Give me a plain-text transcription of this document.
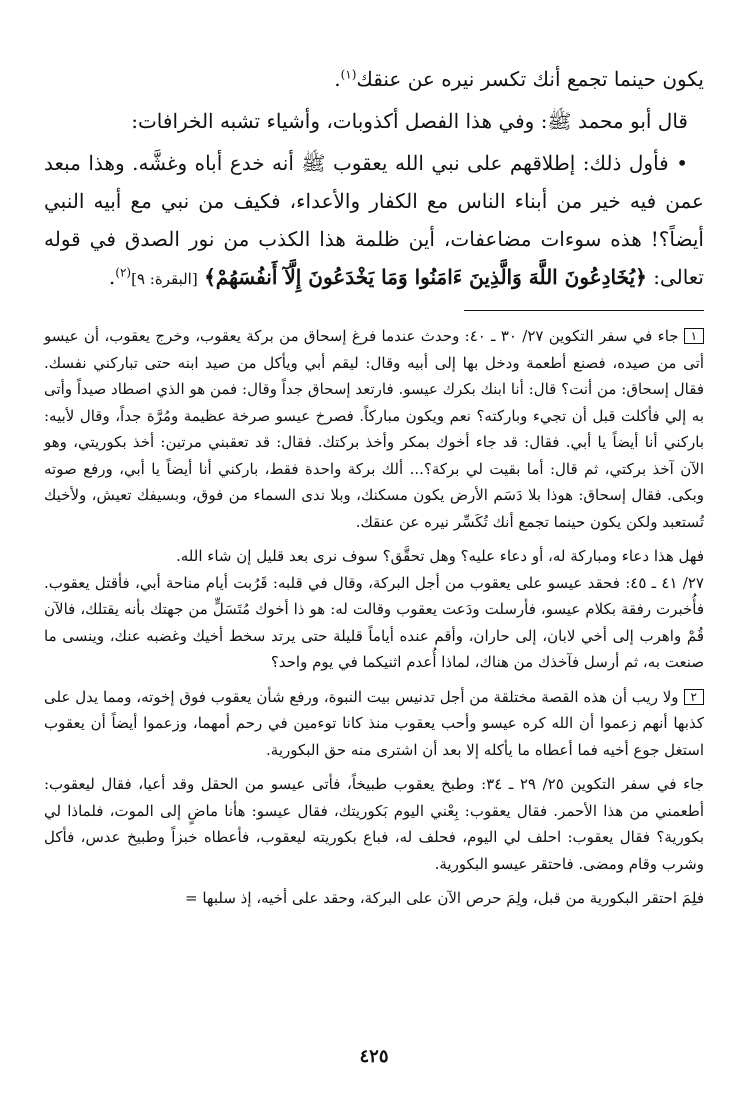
يكون حينما تجمع أنك تكسر نيره عن عنقك$^{(١)}$.

قال أبو محمد ﷺ: وفي هذا الفصل أكذوبات، وأشياء تشبه الخرافات:

• فأول ذلك: إطلاقهم على نبي الله يعقوب ﷺ أنه خدع أباه وغشَّه. وهذا مبعد عمن فيه خير من أبناء الناس مع الكفار والأعداء، فكيف من نبي مع أبيه النبي أيضاً؟! هذه سوءات مضاعفات، أين ظلمة هذا الكذب من نور الصدق في قوله تعالى: ﴿يُخَادِعُونَ اللَّهَ وَالَّذِينَ ءَامَنُوا وَمَا يَخْدَعُونَ إِلَّآ أَنفُسَهُمْ﴾ [البقرة: ٩]$^{(٢)}$.

١جاء في سفر التكوين ٢٧/ ٣٠ ـ ٤٠: وحدث عندما فرغ إسحاق من بركة يعقوب، وخرج يعقوب، أن عيسو أتى من صيده، فصنع أطعمة ودخل بها إلى أبيه وقال: ليقم أبي ويأكل من صيد ابنه حتى تباركني نفسك. فقال إسحاق: من أنت؟ قال: أنا ابنك بكرك عيسو. فارتعد إسحاق جداً وقال: فمن هو الذي اصطاد صيداً وأتى به إلي فأكلت قبل أن تجيء وباركته؟ نعم ويكون مباركاً. فصرخ عيسو صرخة عظيمة ومُرَّة جداً، وقال لأبيه: باركني أنا أيضاً يا أبي. فقال: قد جاء أخوك بمكر وأخذ بركتك. فقال: قد تعقبني مرتين: أخذ بكوريتي، وهو الآن آخذ بركتي، ثم قال: أما بقيت لي بركة؟... ألك بركة واحدة فقط، باركني أنا أيضاً يا أبي، ورفع صوته وبكى. فقال إسحاق: هوذا بلا دَسَم الأرض يكون مسكنك، وبلا ندى السماء من فوق، وبسيفك تعيش، ولأخيك تُستعبد ولكن يكون حينما تجمع أنك تُكَسِّر نيره عن عنقك.

فهل هذا دعاء ومباركة له، أو دعاء عليه؟ وهل تحقَّق؟ سوف نرى بعد قليل إن شاء الله.

٢٧/ ٤١ ـ ٤٥: فحقد عيسو على يعقوب من أجل البركة، وقال في قلبه: قَرُبت أيام مناحة أبي، فأقتل يعقوب. فأُخبرت رفقة بكلام عيسو، فأرسلت ودَعت يعقوب وقالت له: هو ذا أخوك مُتَسَلٍّ من جهتك بأنه يقتلك، فالآن قُمْ واهرب إلى أخي لابان، إلى حاران، وأقم عنده أياماً قليلة حتى يرتد سخط أخيك وغضبه عنك، وينسى ما صنعت به، ثم أرسل فآخذك من هناك، لماذا أُعدم اثنيكما في يوم واحد؟

٢ولا ريب أن هذه القصة مختلقة من أجل تدنيس بيت النبوة، ورفع شأن يعقوب فوق إخوته، ومما يدل على كذبها أنهم زعموا أن الله كره عيسو وأحب يعقوب منذ كانا توءمين في رحم أمهما، وزعموا أيضاً أن يعقوب استغل جوع أخيه فما أعطاه ما يأكله إلا بعد أن اشترى منه حق البكورية.

جاء في سفر التكوين ٢٥/ ٢٩ ـ ٣٤: وطبخ يعقوب طبيخاً، فأتى عيسو من الحقل وقد أعيا، فقال ليعقوب: أطعمني من هذا الأحمر. فقال يعقوب: بِعْني اليوم بَكوريتك، فقال عيسو: هأنا ماضٍ إلى الموت، فلماذا لي بكورية؟ فقال يعقوب: احلف لي اليوم، فحلف له، فباع بكوريته ليعقوب، فأعطاه خبزاً وطبيخ عدس، فأكل وشرب وقام ومضى. فاحتقر عيسو البكورية.

فلِمَ احتقر البكورية من قبل، ولِمَ حرص الآن على البركة، وحقد على أخيه، إذ سلبها =

٤٢٥
